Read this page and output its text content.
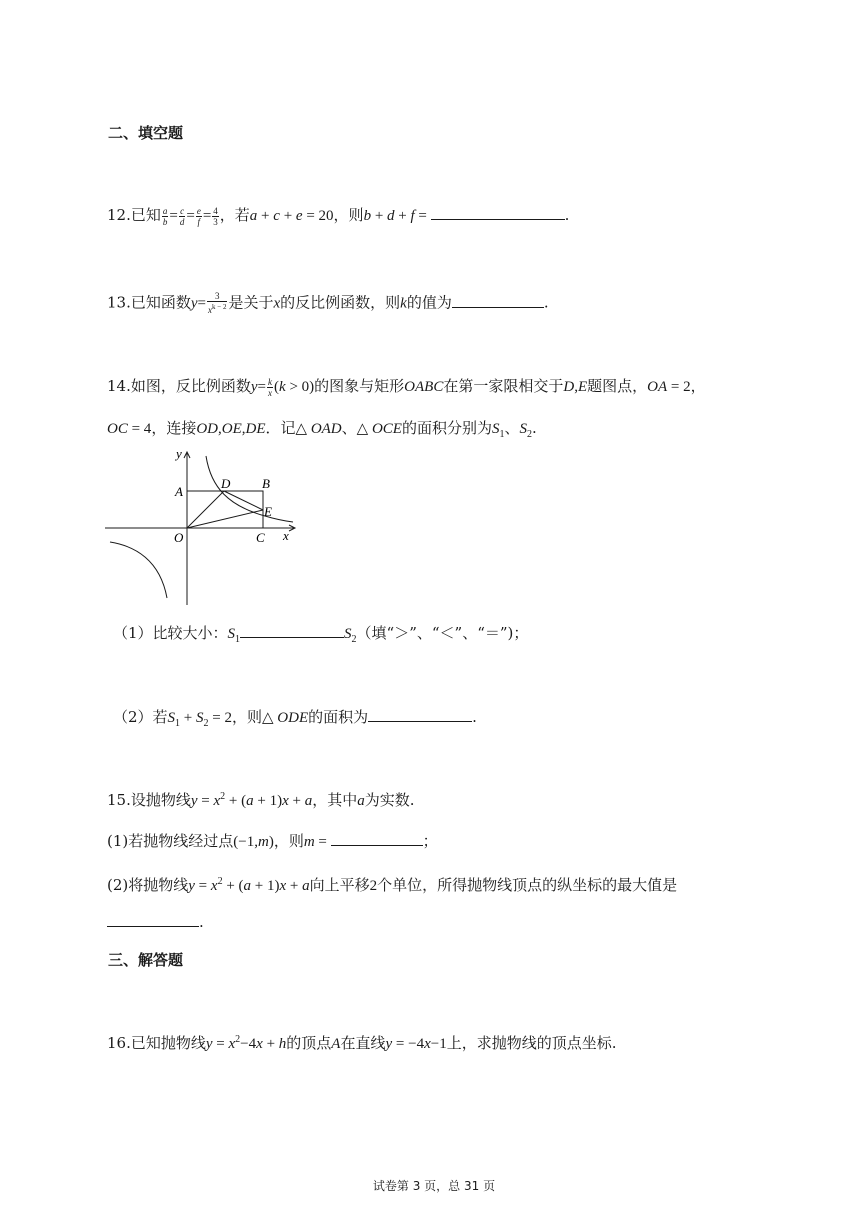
二、填空题
12.已知 $\frac{a}{b} = \frac{c}{d} = \frac{e}{f} = \frac{4}{3}$ ，若a + c + e = 20，则b + d + f =	.
13.已知函数$y= \frac{3}{x^{k - 2}}$ 是关于x的反比例函数，则k的值为	.
14.如图，反比例函数$y= \frac{k}{x} (k > 0)$的图象与矩形OABC在第一家限相交于D,E题图点，OA = 2，
OC = 4，连接OD,OE,DE．记△ OAD、△ OCE的面积分别为$S_1$、$S_2$.
y
x
O
A
B
C
D
E
（1）比较大小：$S_1$	$S_2$（填“＞”、“＜”、“＝”)；
（2）若$S_1 + S_2 = 2$，则△ ODE的面积为	.
15.设抛物线$y = x^2 + (a + 1)x + a$，其中a为实数.
(1)若抛物线经过点(−1,m)，则m =	；
(2)将抛物线$y = x^2 + (a + 1)x + a$向上平移2个单位，所得抛物线顶点的纵坐标的最大值是
.
三、解答题
16.已知抛物线$y = x^2-4x + h$的顶点A在直线y = −4x−1上，求抛物线的顶点坐标.
试卷第 3 页，总 31 页
